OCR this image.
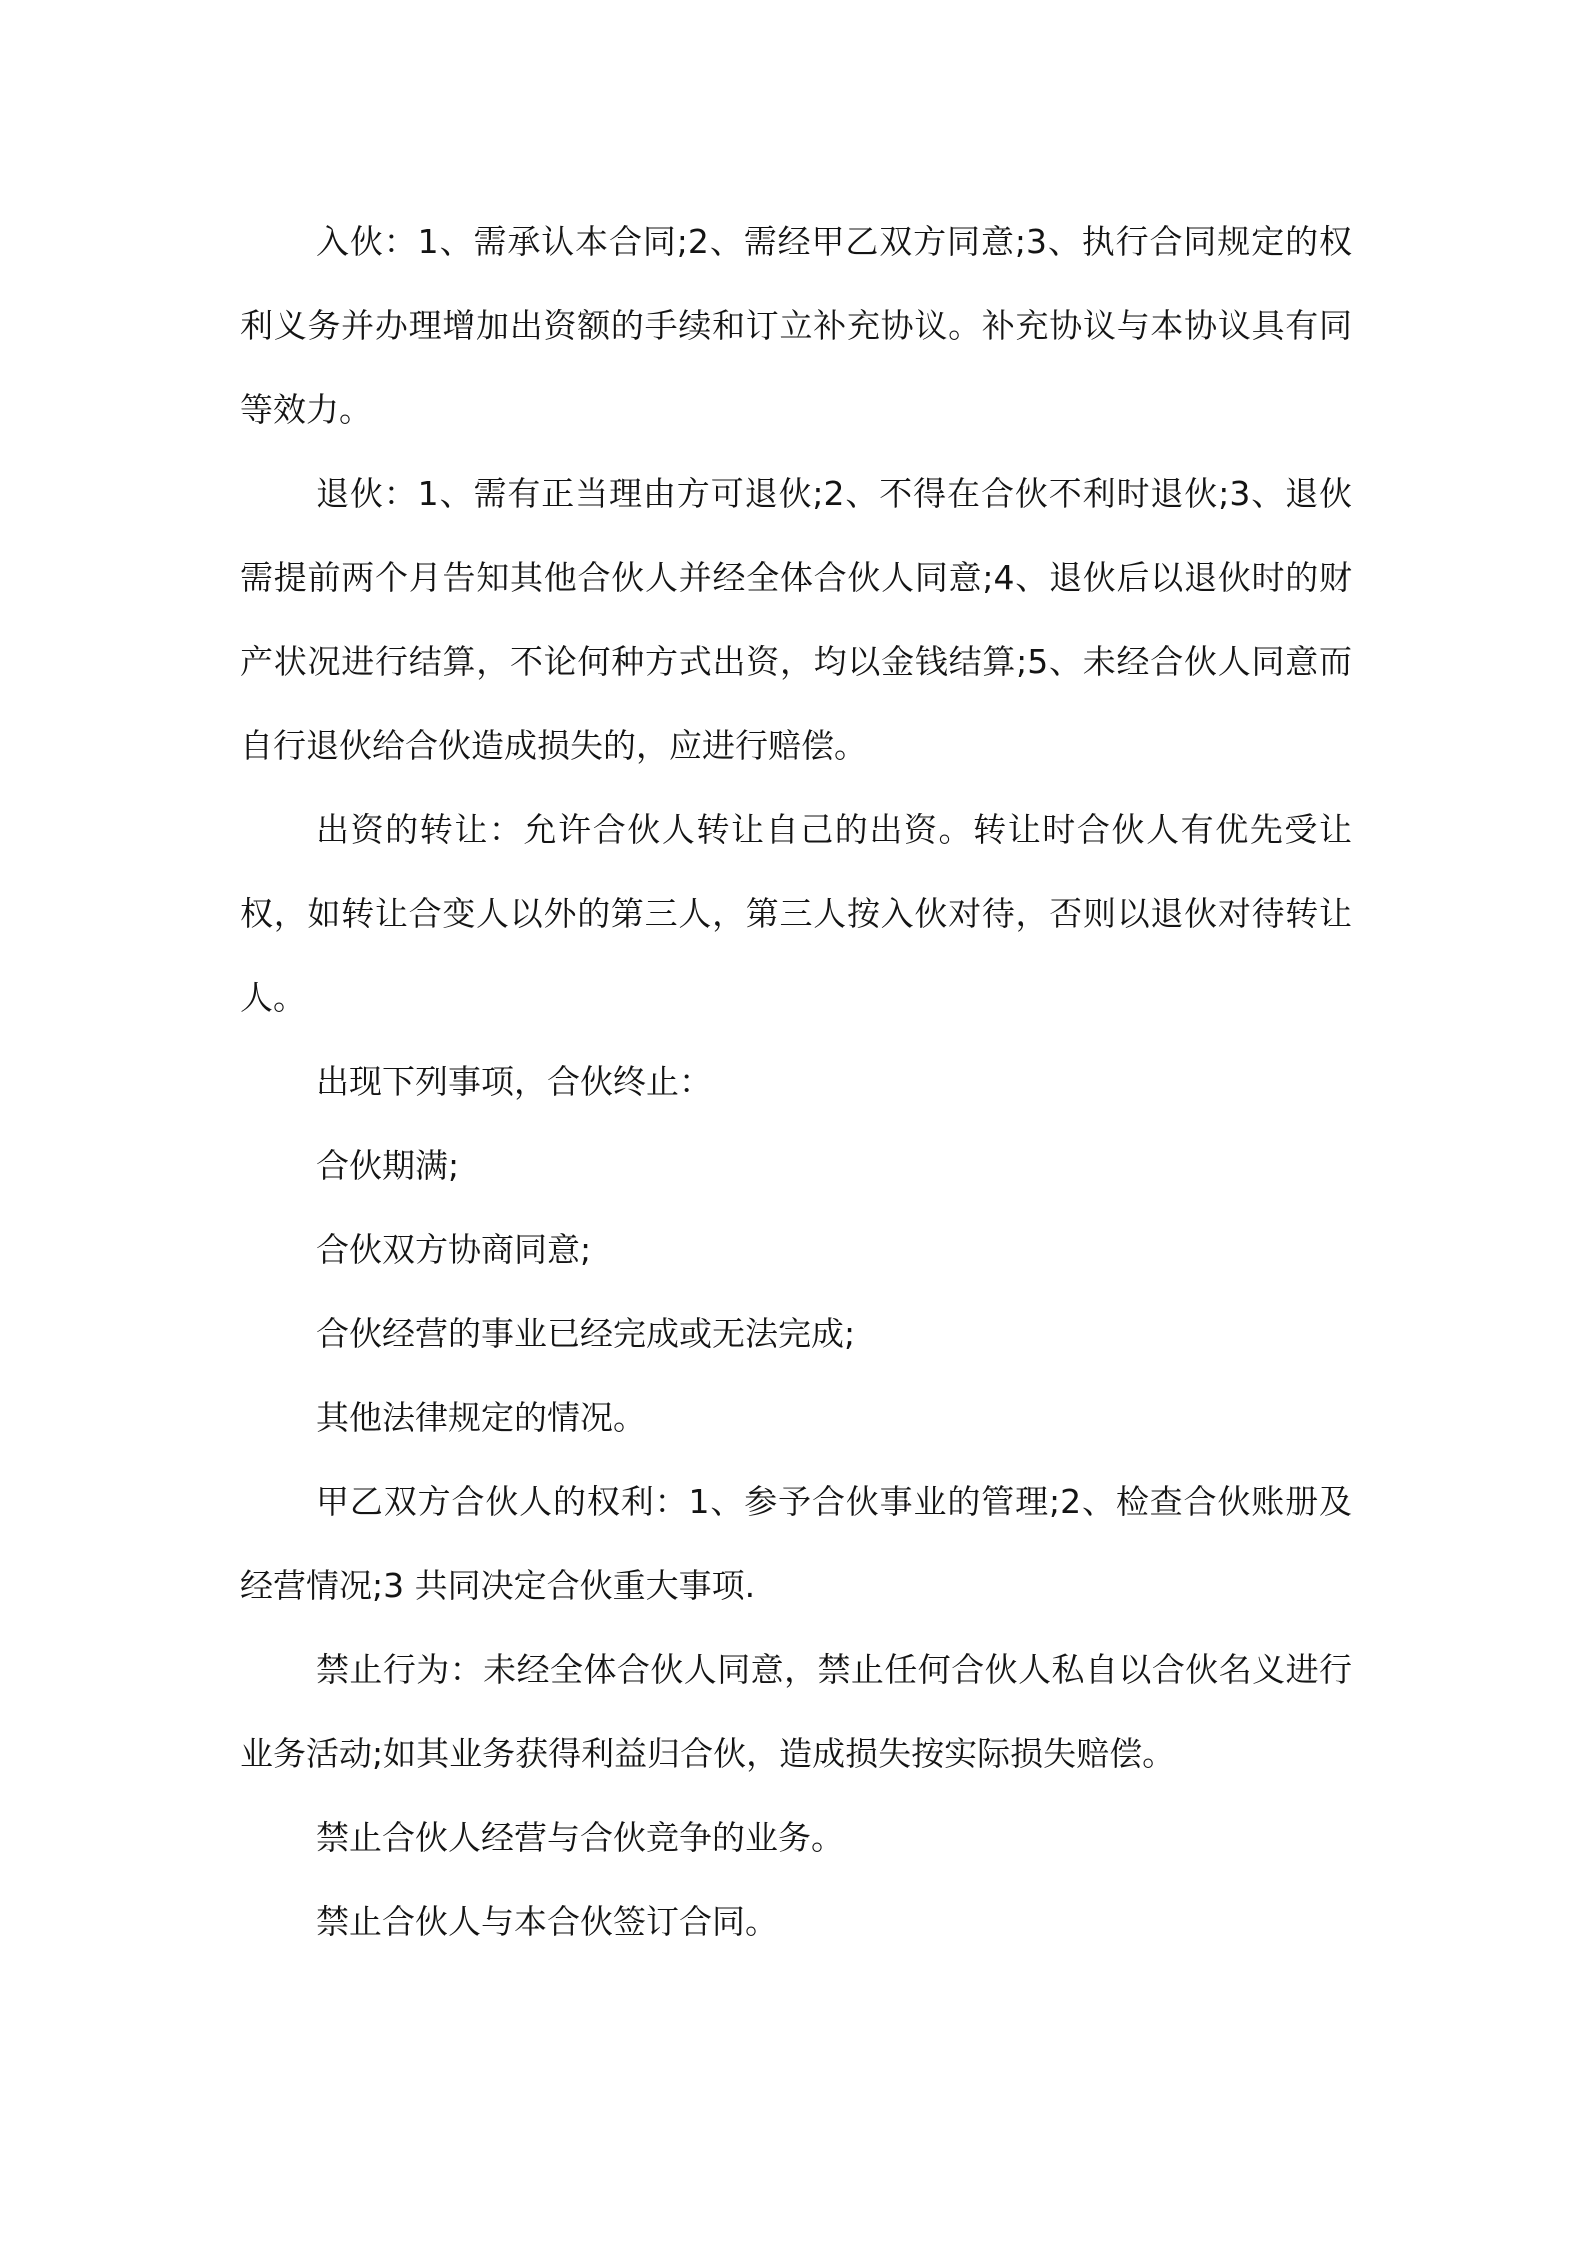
入伙：1、需承认本合同;2、需经甲乙双方同意;3、执行合同规定的权利义务并办理增加出资额的手续和订立补充协议。补充协议与本协议具有同等效力。

退伙：1、需有正当理由方可退伙;2、不得在合伙不利时退伙;3、退伙需提前两个月告知其他合伙人并经全体合伙人同意;4、退伙后以退伙时的财产状况进行结算，不论何种方式出资，均以金钱结算;5、未经合伙人同意而自行退伙给合伙造成损失的，应进行赔偿。

出资的转让：允许合伙人转让自己的出资。转让时合伙人有优先受让权，如转让合变人以外的第三人，第三人按入伙对待，否则以退伙对待转让人。

出现下列事项，合伙终止：

合伙期满;

合伙双方协商同意;

合伙经营的事业已经完成或无法完成;

其他法律规定的情况。

甲乙双方合伙人的权利：1、参予合伙事业的管理;2、检查合伙账册及经营情况;3 共同决定合伙重大事项.

禁止行为：未经全体合伙人同意，禁止任何合伙人私自以合伙名义进行业务活动;如其业务获得利益归合伙，造成损失按实际损失赔偿。

禁止合伙人经营与合伙竞争的业务。

禁止合伙人与本合伙签订合同。
